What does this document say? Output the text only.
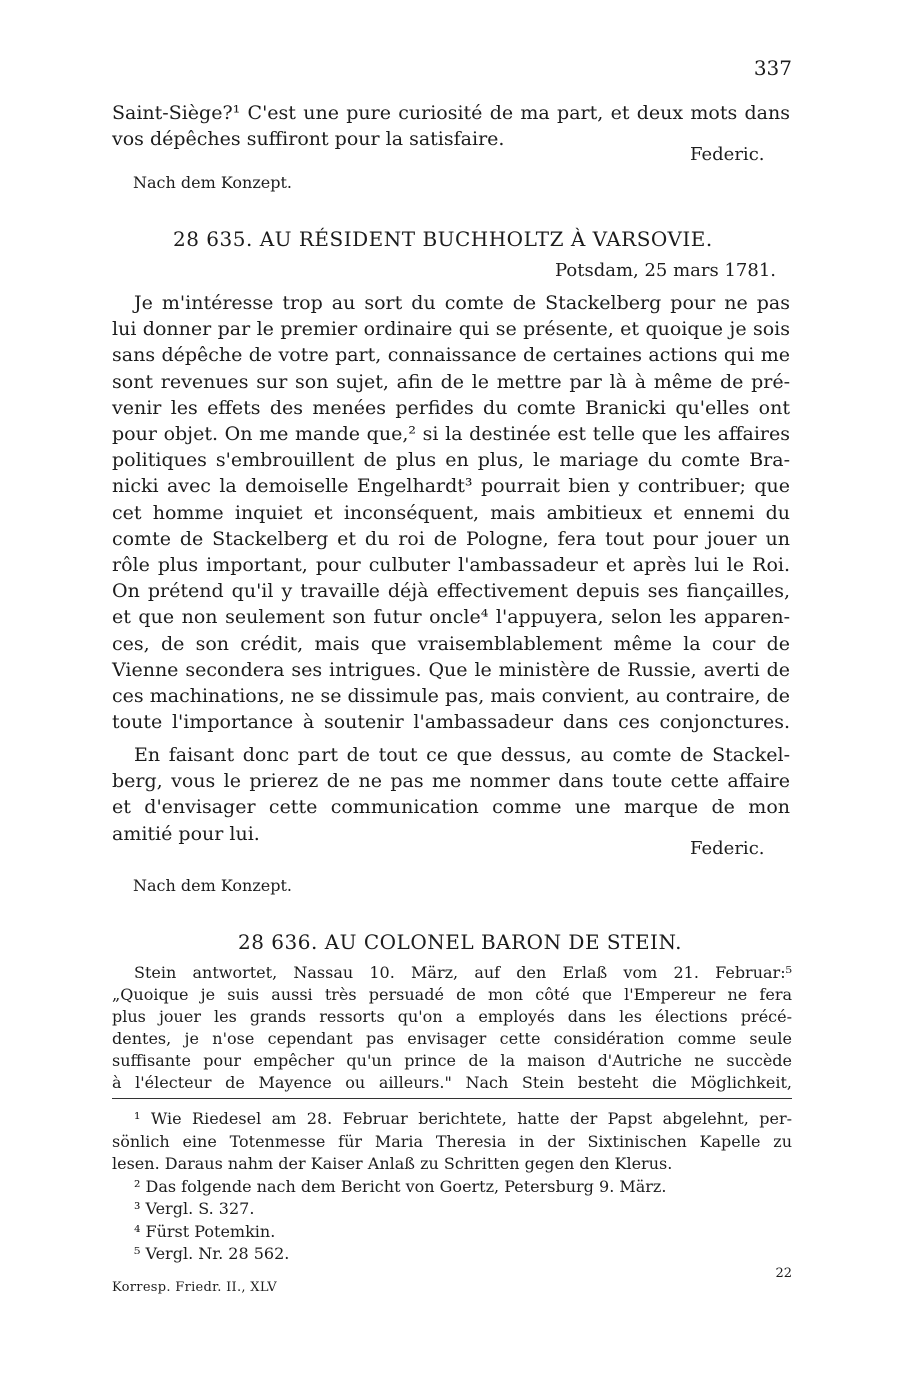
337
Saint-Siège?¹ C'est une pure curiosité de ma part, et deux mots dans
vos dépêches suffiront pour la satisfaire.
Federic.
Nach dem Konzept.
28 635. AU RÉSIDENT BUCHHOLTZ À VARSOVIE.
Potsdam, 25 mars 1781.
Je m'intéresse trop au sort du comte de Stackelberg pour ne pas
lui donner par le premier ordinaire qui se présente, et quoique je sois
sans dépêche de votre part, connaissance de certaines actions qui me
sont revenues sur son sujet, afin de le mettre par là à même de pré-
venir les effets des menées perfides du comte Branicki qu'elles ont
pour objet. On me mande que,² si la destinée est telle que les affaires
politiques s'embrouillent de plus en plus, le mariage du comte Bra-
nicki avec la demoiselle Engelhardt³ pourrait bien y contribuer; que
cet homme inquiet et inconséquent, mais ambitieux et ennemi du
comte de Stackelberg et du roi de Pologne, fera tout pour jouer un
rôle plus important, pour culbuter l'ambassadeur et après lui le Roi.
On prétend qu'il y travaille déjà effectivement depuis ses fiançailles,
et que non seulement son futur oncle⁴ l'appuyera, selon les apparen-
ces, de son crédit, mais que vraisemblablement même la cour de
Vienne secondera ses intrigues. Que le ministère de Russie, averti de
ces machinations, ne se dissimule pas, mais convient, au contraire, de
toute l'importance à soutenir l'ambassadeur dans ces conjonctures.
En faisant donc part de tout ce que dessus, au comte de Stackel-
berg, vous le prierez de ne pas me nommer dans toute cette affaire
et d'envisager cette communication comme une marque de mon
amitié pour lui.
Federic.
Nach dem Konzept.
28 636. AU COLONEL BARON DE STEIN.
Stein antwortet, Nassau 10. März, auf den Erlaß vom 21. Februar:⁵
„Quoique je suis aussi très persuadé de mon côté que l'Empereur ne fera
plus jouer les grands ressorts qu'on a employés dans les élections précé-
dentes, je n'ose cependant pas envisager cette considération comme seule
suffisante pour empêcher qu'un prince de la maison d'Autriche ne succède
à l'électeur de Mayence ou ailleurs." Nach Stein besteht die Möglichkeit,
¹ Wie Riedesel am 28. Februar berichtete, hatte der Papst abgelehnt, per-
sönlich eine Totenmesse für Maria Theresia in der Sixtinischen Kapelle zu
lesen. Daraus nahm der Kaiser Anlaß zu Schritten gegen den Klerus.
² Das folgende nach dem Bericht von Goertz, Petersburg 9. März.
³ Vergl. S. 327.
⁴ Fürst Potemkin.
⁵ Vergl. Nr. 28 562.
22
Korresp. Friedr. II., XLV
